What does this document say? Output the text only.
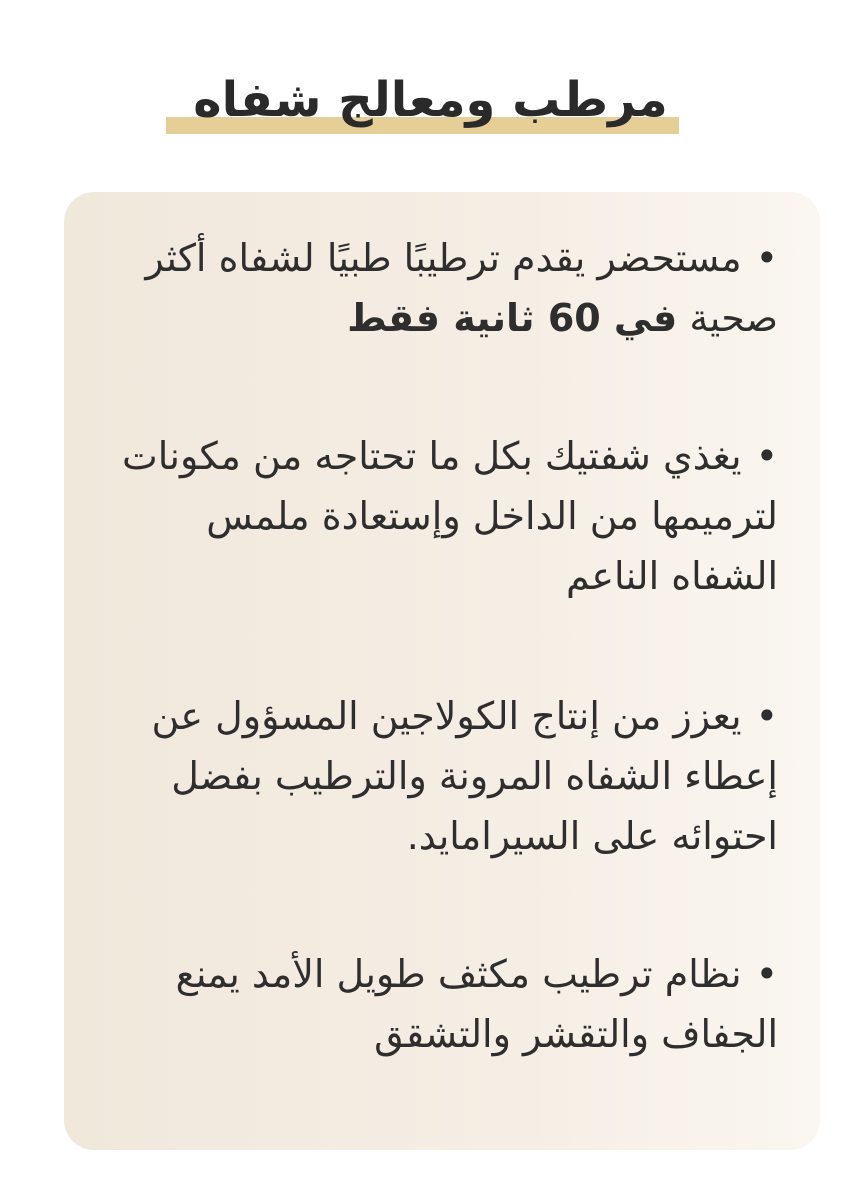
مرطب ومعالج شفاه
•مستحضر يقدم ترطيبًا طبيًا لشفاه أكثر صحية في 60 ثانية فقط
•يغذي شفتيك بكل ما تحتاجه من مكونات لترميمها من الداخل وإستعادة ملمس الشفاه الناعم
•يعزز من إنتاج الكولاجين المسؤول عن إعطاء الشفاه المرونة والترطيب بفضل احتوائه على السيرامايد.
•نظام ترطيب مكثف طويل الأمد يمنع الجفاف والتقشر والتشقق
